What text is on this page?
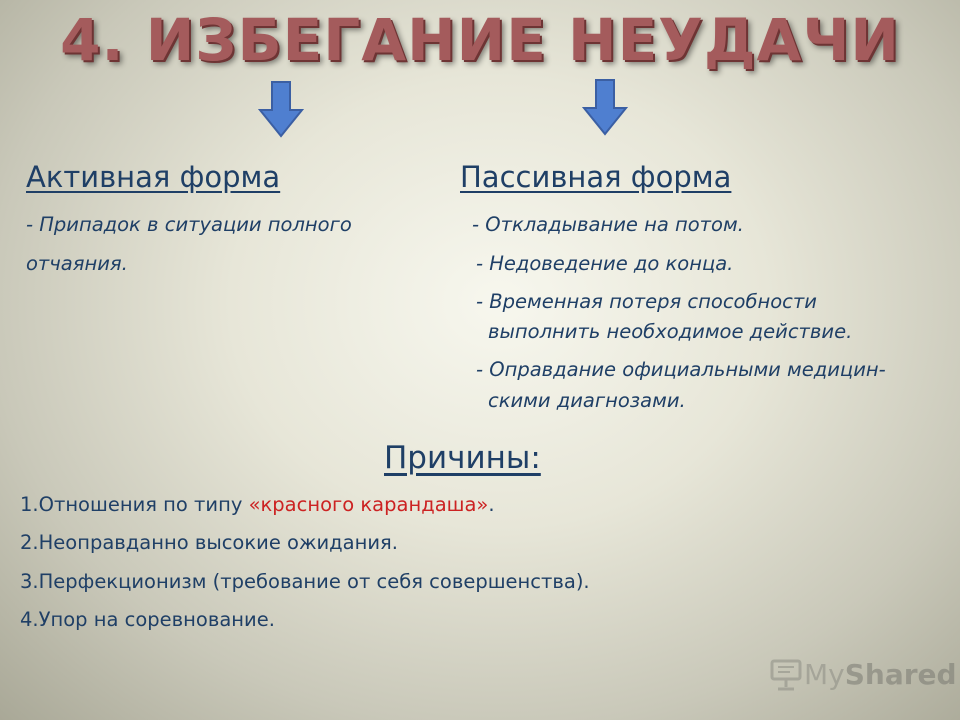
4. ИЗБЕГАНИЕ НЕУДАЧИ
Активная форма	Пассивная форма
- Припадок в ситуации полного
отчаяния.
- Откладывание на потом.
- Недоведение до конца.
- Временная потеря способности
выполнить необходимое действие.
- Оправдание официальными медицин-
скими диагнозами.
Причины:
1.Отношения по типу «красного карандаша».
2.Неоправданно высокие ожидания.
3.Перфекционизм (требование от себя совершенства).
4.Упор на соревнование.
MyShared
